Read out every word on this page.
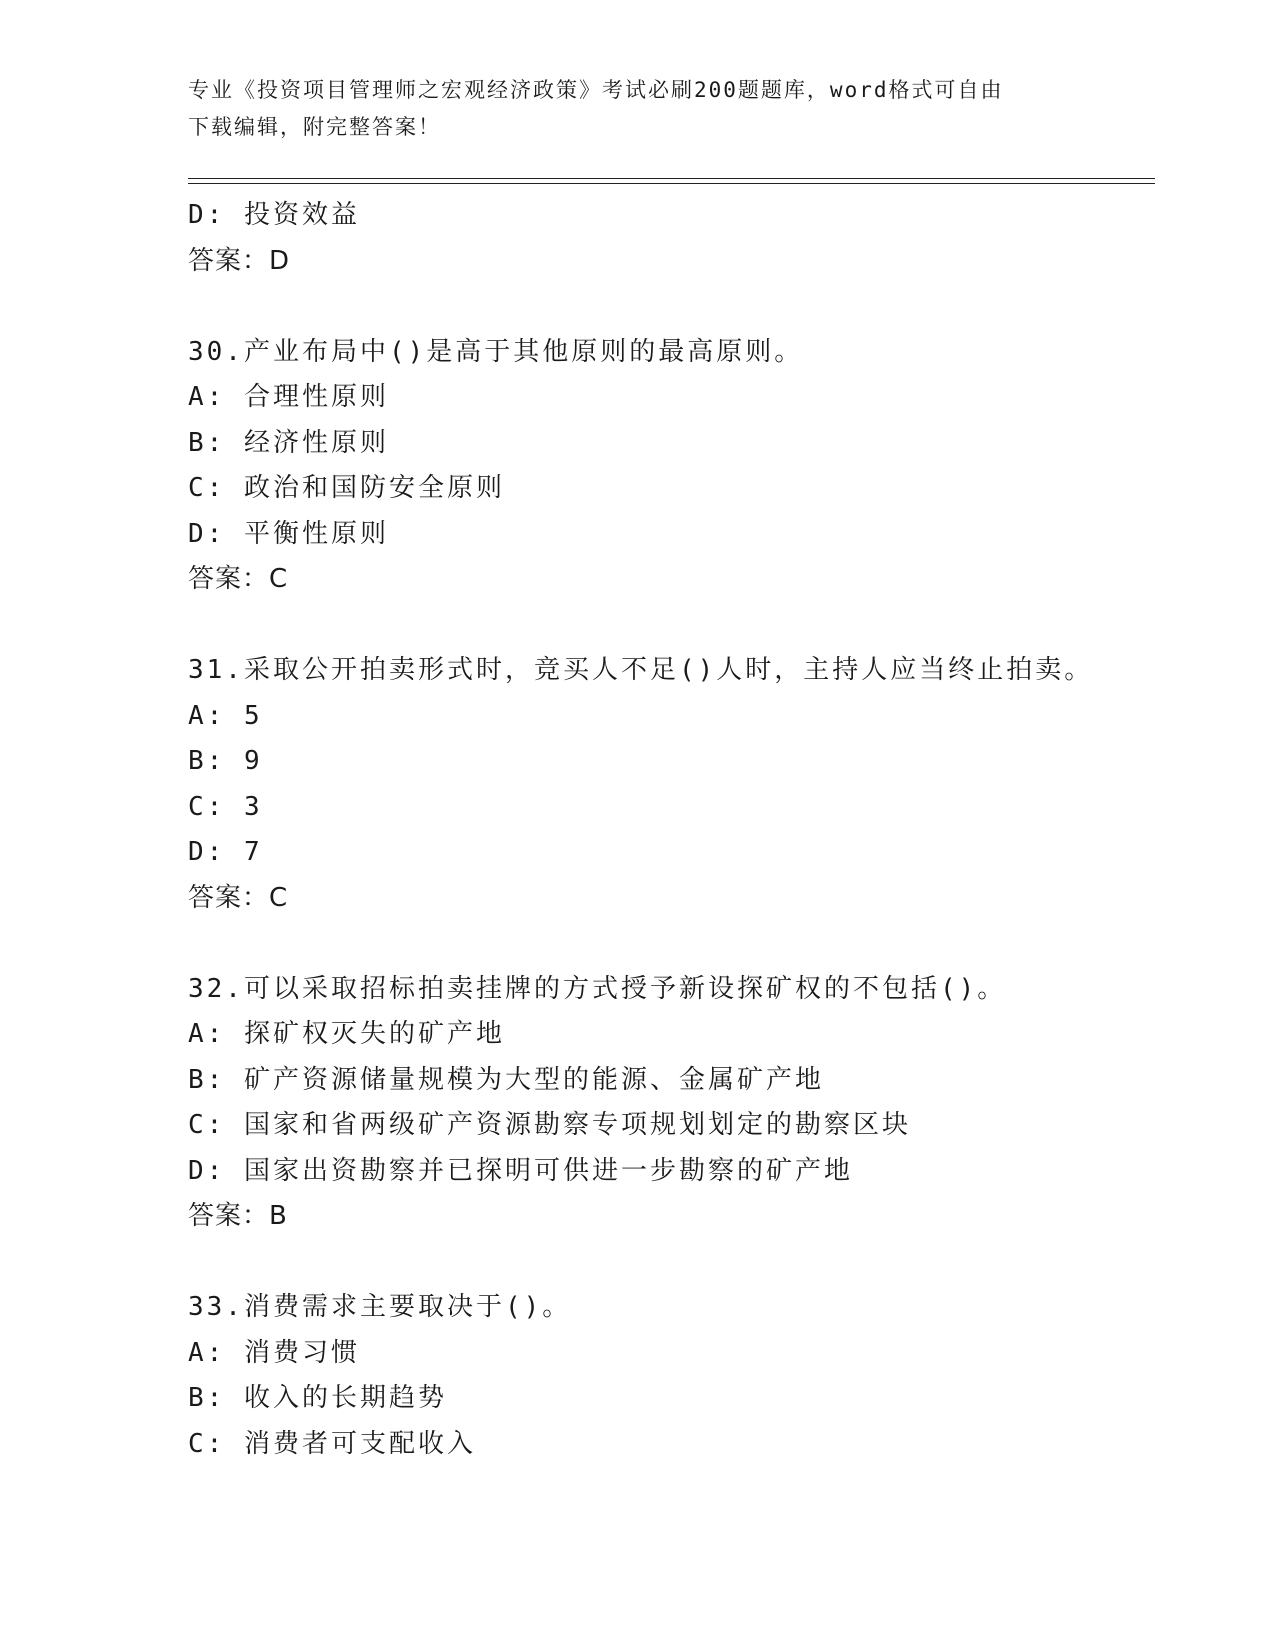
专业《投资项目管理师之宏观经济政策》考试必刷200题题库，word格式可自由
下载编辑，附完整答案！
D: 投资效益
答案：D
30.产业布局中()是高于其他原则的最高原则。
A: 合理性原则
B: 经济性原则
C: 政治和国防安全原则
D: 平衡性原则
答案：C
31.采取公开拍卖形式时，竞买人不足()人时，主持人应当终止拍卖。
A: 5
B: 9
C: 3
D: 7
答案：C
32.可以采取招标拍卖挂牌的方式授予新设探矿权的不包括()。
A: 探矿权灭失的矿产地
B: 矿产资源储量规模为大型的能源、金属矿产地
C: 国家和省两级矿产资源勘察专项规划划定的勘察区块
D: 国家出资勘察并已探明可供进一步勘察的矿产地
答案：B
33.消费需求主要取决于()。
A: 消费习惯
B: 收入的长期趋势
C: 消费者可支配收入
